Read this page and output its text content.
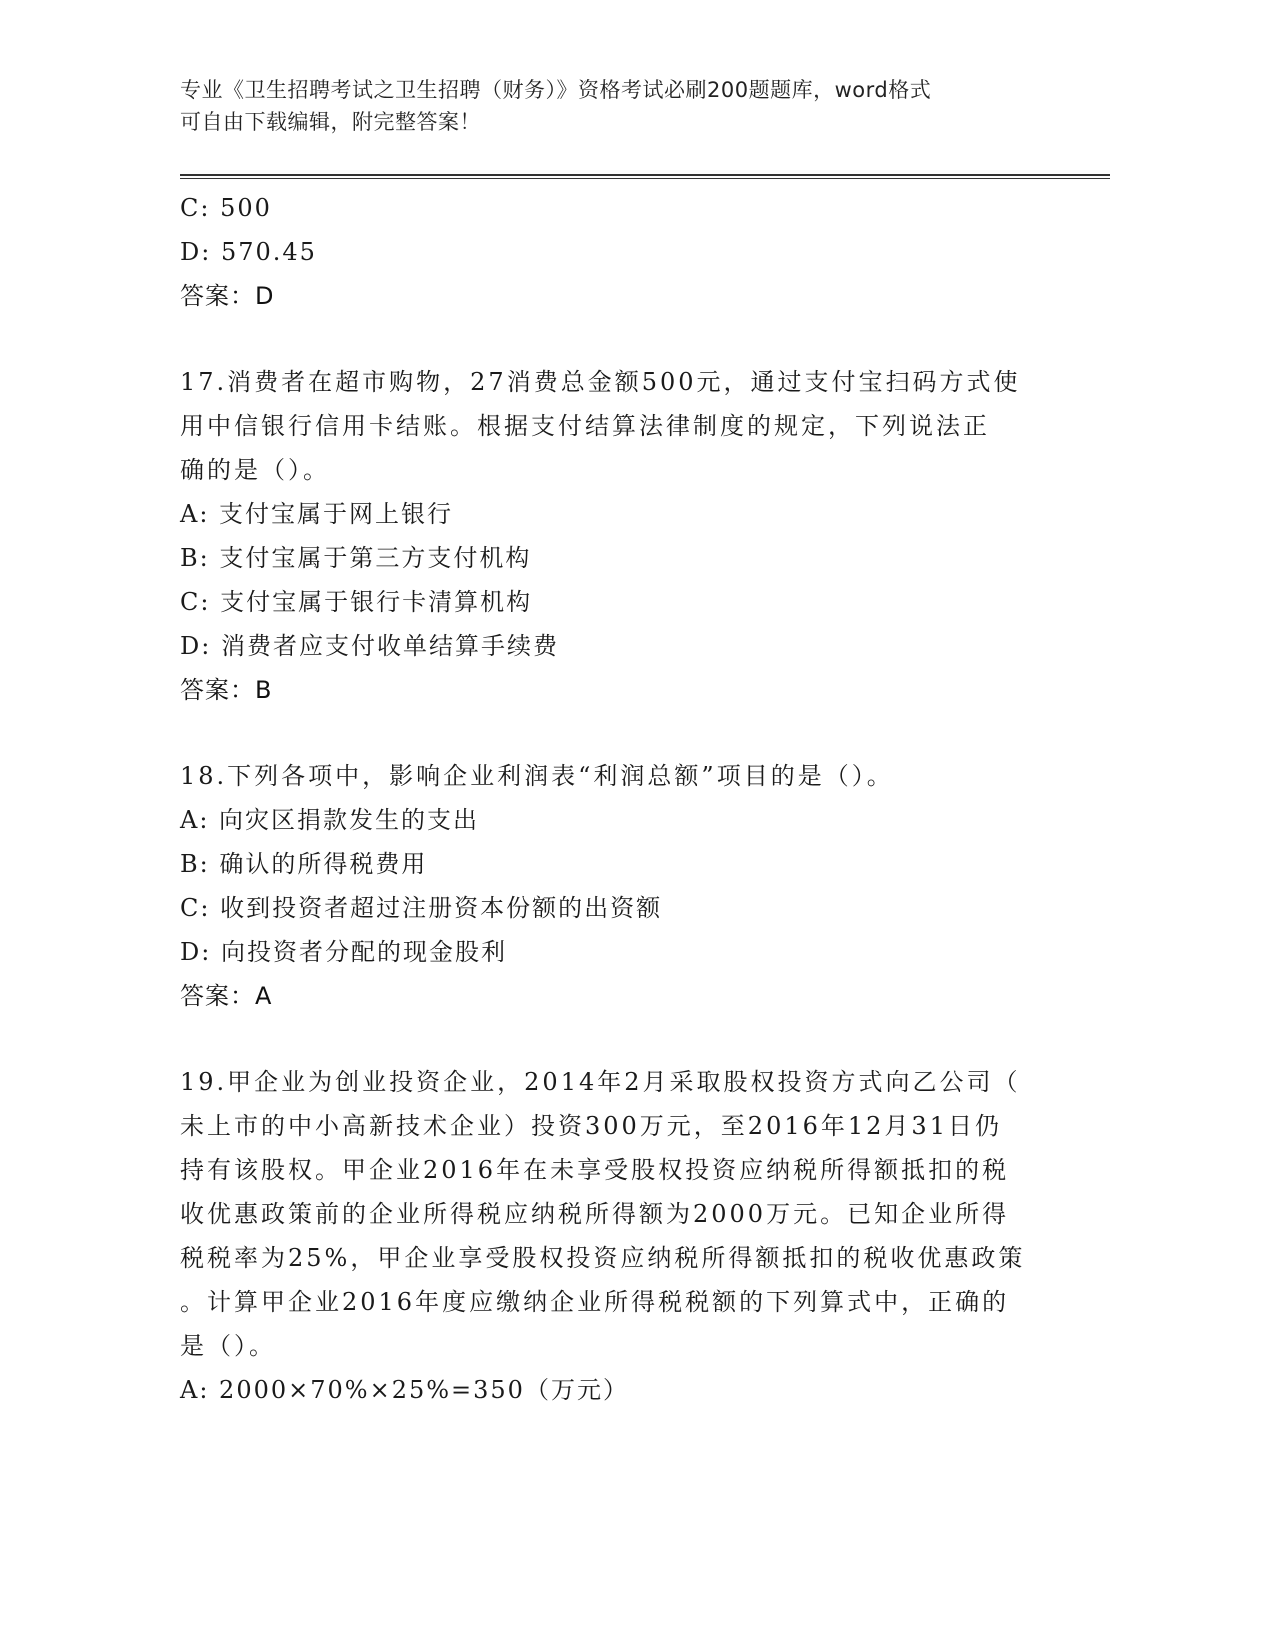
专业《卫生招聘考试之卫生招聘（财务）》资格考试必刷200题题库，word格式
可自由下载编辑，附完整答案！
C: 500
D: 570.45
答案：D
17.消费者在超市购物，27消费总金额500元，通过支付宝扫码方式使
用中信银行信用卡结账。根据支付结算法律制度的规定，下列说法正
确的是（）。
A: 支付宝属于网上银行
B: 支付宝属于第三方支付机构
C: 支付宝属于银行卡清算机构
D: 消费者应支付收单结算手续费
答案：B
18.下列各项中，影响企业利润表“利润总额”项目的是（）。
A: 向灾区捐款发生的支出
B: 确认的所得税费用
C: 收到投资者超过注册资本份额的出资额
D: 向投资者分配的现金股利
答案：A
19.甲企业为创业投资企业，2014年2月采取股权投资方式向乙公司（
未上市的中小高新技术企业）投资300万元，至2016年12月31日仍
持有该股权。甲企业2016年在未享受股权投资应纳税所得额抵扣的税
收优惠政策前的企业所得税应纳税所得额为2000万元。已知企业所得
税税率为25%，甲企业享受股权投资应纳税所得额抵扣的税收优惠政策
。计算甲企业2016年度应缴纳企业所得税税额的下列算式中，正确的
是（）。
A: 2000×70%×25%=350（万元）
